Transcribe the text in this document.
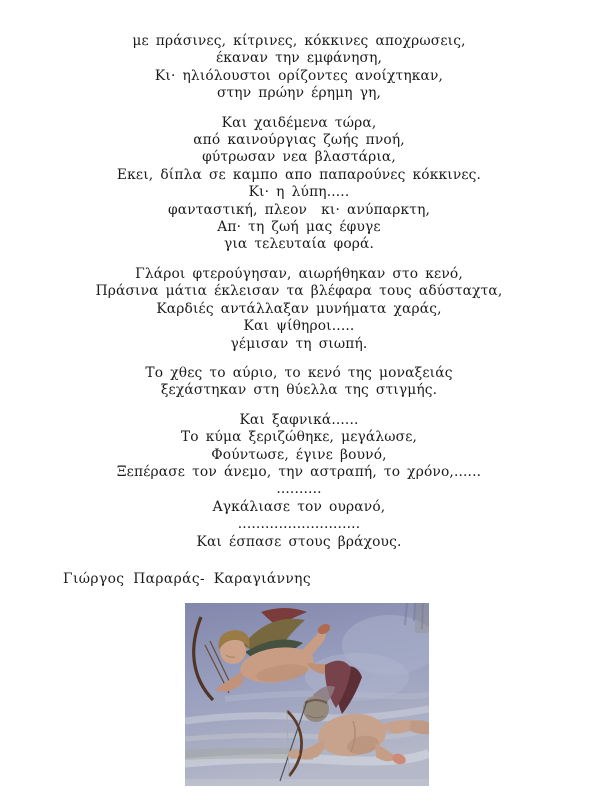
με πράσινες, κίτρινες, κόκκινες αποχρωσεις,
έκαναν την εμφάνηση,
Κι· ηλιόλουστοι ορίζοντες ανοίχτηκαν,
στην πρώην έρημη γη,
Και χαιδέμενα τώρα,
από καινούργιας ζωής πνοή,
φύτρωσαν νεα βλαστάρια,
Εκει, δίπλα σε καμπο απο παπαρούνες κόκκινες.
Κι· η λύπη.....
φανταστική, πλεον  κι· ανύπαρκτη,
Απ· τη ζωή μας έφυγε
για τελευταία φορά.
Γλάροι φτερούγησαν, αιωρήθηκαν στο κενό,
Πράσινα μάτια έκλεισαν τα βλέφαρα τους αδύσταχτα,
Καρδιές αντάλλαξαν μυνήματα χαράς,
Και ψίθηροι.....
γέμισαν τη σιωπή.
Το χθες το αύριο, το κενό της μοναξειάς
ξεχάστηκαν στη θύελλα της στιγμής.
Και ξαφνικά......
Το κύμα ξεριζώθηκε, μεγάλωσε,
Φούντωσε, έγινε βουνό,
Ξεπέρασε τον άνεμο, την αστραπή, το χρόνο,......
..........
Αγκάλιασε τον ουρανό,
...........................
Και έσπασε στους βράχους.
Γιώργος Παραράς- Καραγιάννης
